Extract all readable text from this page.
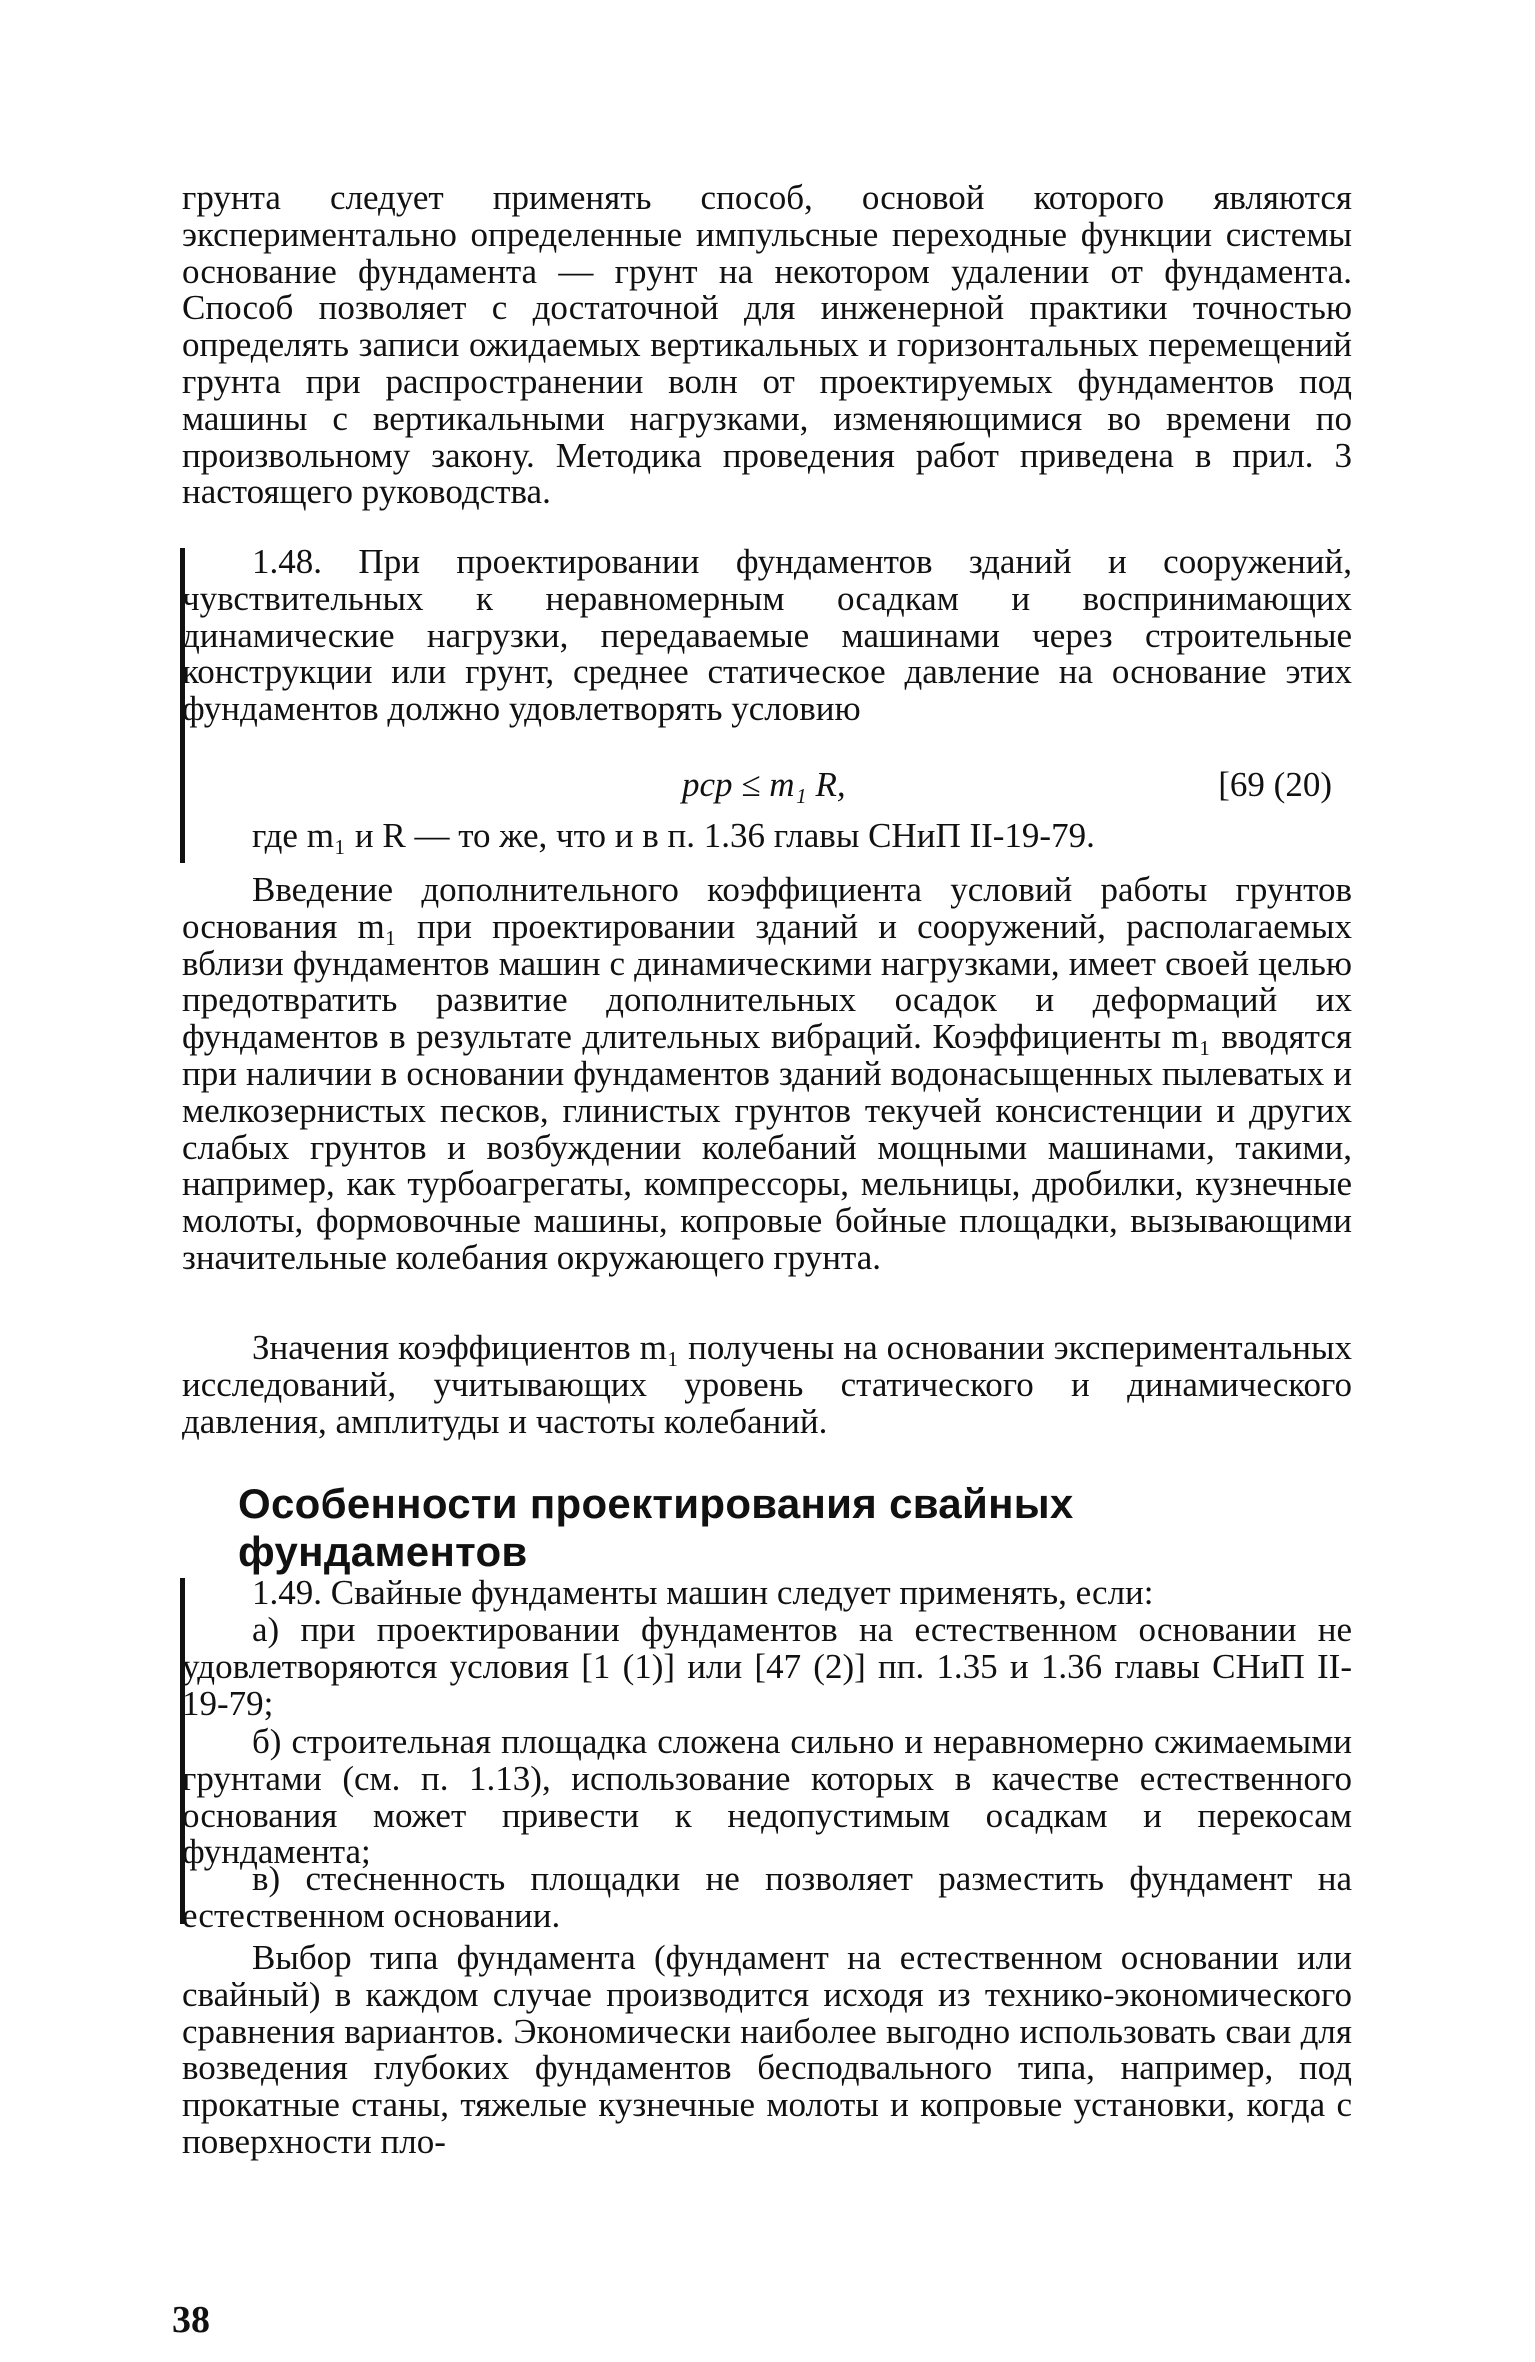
грунта следует применять способ, основой которого являются экспериментально определенные импульсные переходные функции системы основание фундамента — грунт на некотором удалении от фундамента. Способ позволяет с достаточной для инженерной практики точностью определять записи ожидаемых вертикальных и горизонтальных перемещений грунта при распространении волн от проектируемых фундаментов под машины с вертикальными нагрузками, изменяющимися во времени по произвольному закону. Методика проведения работ приведена в прил. 3 настоящего руководства.

1.48. При проектировании фундаментов зданий и сооружений, чувствительных к неравномерным осадкам и воспринимающих динамические нагрузки, передаваемые машинами через строительные конструкции или грунт, среднее статическое давление на основание этих фундаментов должно удовлетворять условию

pср ≤ m₁ R,	[69 (20)

где m₁ и R — то же, что и в п. 1.36 главы СНиП II-19-79.

Введение дополнительного коэффициента условий работы грунтов основания m₁ при проектировании зданий и сооружений, располагаемых вблизи фундаментов машин с динамическими нагрузками, имеет своей целью предотвратить развитие дополнительных осадок и деформаций их фундаментов в результате длительных вибраций. Коэффициенты m₁ вводятся при наличии в основании фундаментов зданий водонасыщенных пылеватых и мелкозернистых песков, глинистых грунтов текучей консистенции и других слабых грунтов и возбуждении колебаний мощными машинами, такими, например, как турбоагрегаты, компрессоры, мельницы, дробилки, кузнечные молоты, формовочные машины, копровые бойные площадки, вызывающими значительные колебания окружающего грунта.

Значения коэффициентов m₁ получены на основании экспериментальных исследований, учитывающих уровень статического и динамического давления, амплитуды и частоты колебаний.

Особенности проектирования свайных фундаментов

1.49. Свайные фундаменты машин следует применять, если:

а) при проектировании фундаментов на естественном основании не удовлетворяются условия [1 (1)] или [47 (2)] пп. 1.35 и 1.36 главы СНиП II-19-79;

б) строительная площадка сложена сильно и неравномерно сжимаемыми грунтами (см. п. 1.13), использование которых в качестве естественного основания может привести к недопустимым осадкам и перекосам фундамента;

в) стесненность площадки не позволяет разместить фундамент на естественном основании.

Выбор типа фундамента (фундамент на естественном основании или свайный) в каждом случае производится исходя из технико-экономического сравнения вариантов. Экономически наиболее выгодно использовать сваи для возведения глубоких фундаментов бесподвального типа, например, под прокатные станы, тяжелые кузнечные молоты и копровые установки, когда с поверхности пло-

38
